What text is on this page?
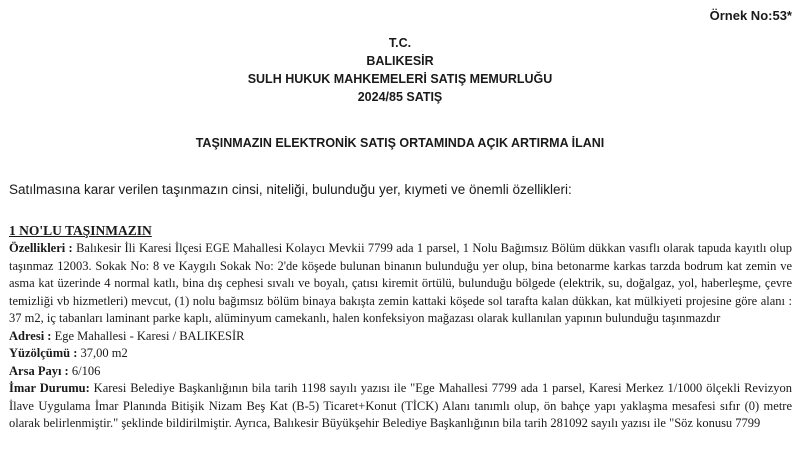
Örnek No:53*
T.C.
BALIKESİR
SULH HUKUK MAHKEMELERİ SATIŞ MEMURLUĞU
2024/85 SATIŞ
TAŞINMAZIN ELEKTRONİK SATIŞ ORTAMINDA AÇIK ARTIRMA İLANI
Satılmasına karar verilen taşınmazın cinsi, niteliği, bulunduğu yer, kıymeti ve önemli özellikleri:
1 NO'LU TAŞINMAZIN

Özellikleri : Balıkesir İli Karesi İlçesi EGE Mahallesi Kolaycı Mevkii 7799 ada 1 parsel, 1 Nolu Bağımsız Bölüm dükkan vasıflı olarak tapuda kayıtlı olup taşınmaz 12003. Sokak No: 8 ve Kaygılı Sokak No: 2'de köşede bulunan binanın bulunduğu yer olup, bina betonarme karkas tarzda bodrum kat zemin ve asma kat üzerinde 4 normal katlı, bina dış cephesi sıvalı ve boyalı, çatısı kiremit örtülü, bulunduğu bölgede (elektrik, su, doğalgaz, yol, haberleşme, çevre temizliği vb hizmetleri) mevcut, (1) nolu bağımsız bölüm binaya bakışta zemin kattaki köşede sol tarafta kalan dükkan, kat mülkiyeti projesine göre alanı : 37 m2, iç tabanları laminant parke kaplı, alüminyum camekanlı, halen konfeksiyon mağazası olarak kullanılan yapının bulunduğu taşınmazdır

Adresi : Ege Mahallesi - Karesi / BALIKESİR

Yüzölçümü : 37,00 m2

Arsa Payı : 6/106

İmar Durumu: Karesi Belediye Başkanlığının bila tarih 1198 sayılı yazısı ile "Ege Mahallesi 7799 ada 1 parsel, Karesi Merkez 1/1000 ölçekli Revizyon İlave Uygulama İmar Planında Bitişik Nizam Beş Kat (B-5) Ticaret+Konut (TİCK) Alanı tanımlı olup, ön bahçe yapı yaklaşma mesafesi sıfır (0) metre olarak belirlenmiştir." şeklinde bildirilmiştir. Ayrıca, Balıkesir Büyükşehir Belediye Başkanlığının bila tarih 281092 sayılı yazısı ile "Söz konusu 7799
